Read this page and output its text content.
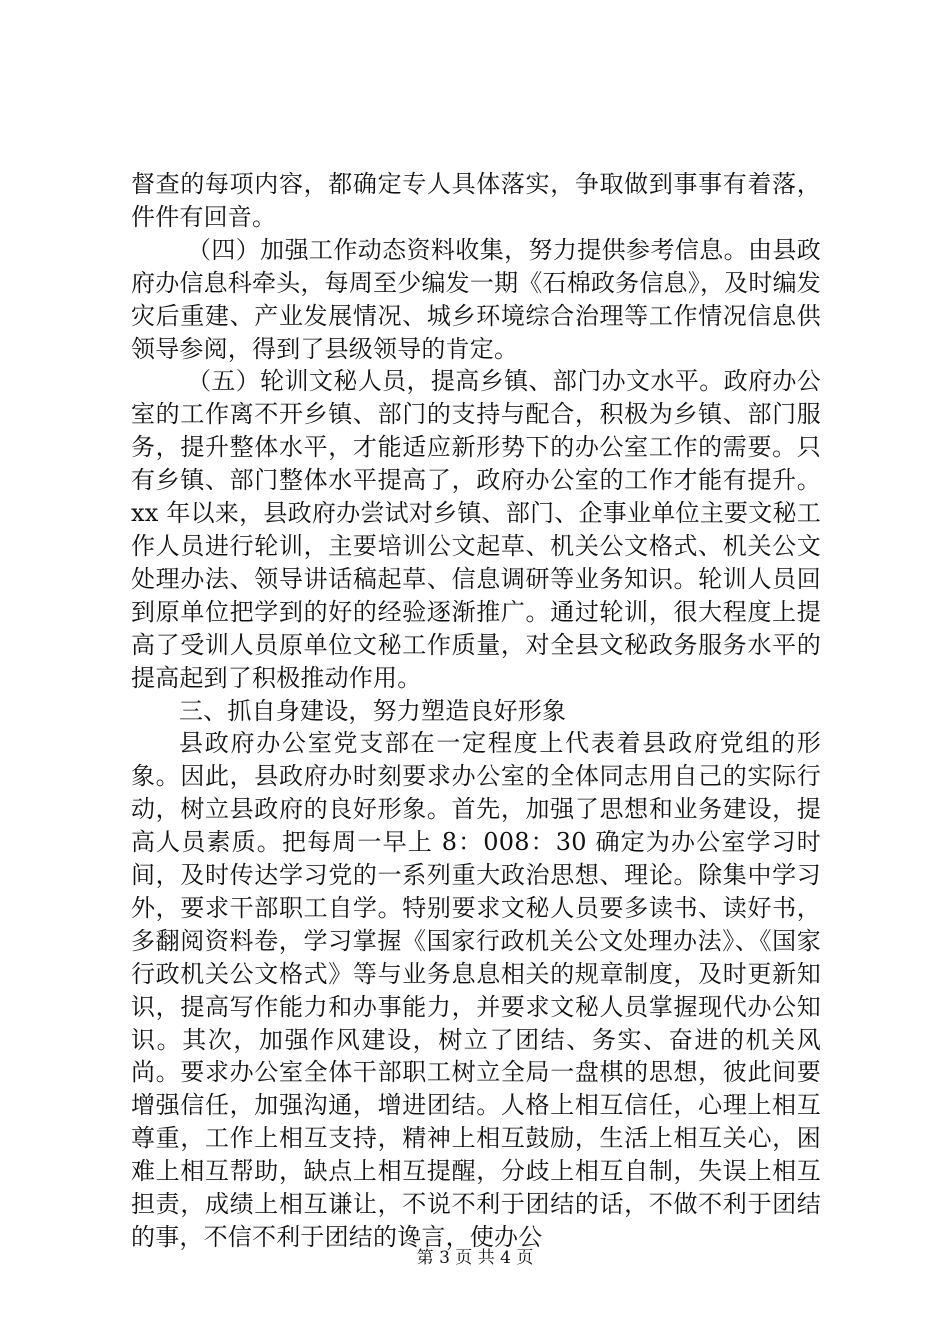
督查的每项内容，都确定专人具体落实，争取做到事事有着落，件件有回音。

（四）加强工作动态资料收集，努力提供参考信息。由县政府办信息科牵头，每周至少编发一期《石棉政务信息》，及时编发灾后重建、产业发展情况、城乡环境综合治理等工作情况信息供领导参阅，得到了县级领导的肯定。

（五）轮训文秘人员，提高乡镇、部门办文水平。政府办公室的工作离不开乡镇、部门的支持与配合，积极为乡镇、部门服务，提升整体水平，才能适应新形势下的办公室工作的需要。只有乡镇、部门整体水平提高了，政府办公室的工作才能有提升。xx 年以来，县政府办尝试对乡镇、部门、企事业单位主要文秘工作人员进行轮训，主要培训公文起草、机关公文格式、机关公文处理办法、领导讲话稿起草、信息调研等业务知识。轮训人员回到原单位把学到的好的经验逐渐推广。通过轮训，很大程度上提高了受训人员原单位文秘工作质量，对全县文秘政务服务水平的提高起到了积极推动作用。

三、抓自身建设，努力塑造良好形象

县政府办公室党支部在一定程度上代表着县政府党组的形象。因此，县政府办时刻要求办公室的全体同志用自己的实际行动，树立县政府的良好形象。首先，加强了思想和业务建设，提高人员素质。把每周一早上 8：008：30 确定为办公室学习时间，及时传达学习党的一系列重大政治思想、理论。除集中学习外，要求干部职工自学。特别要求文秘人员要多读书、读好书，多翻阅资料卷，学习掌握《国家行政机关公文处理办法》、《国家行政机关公文格式》等与业务息息相关的规章制度，及时更新知识，提高写作能力和办事能力，并要求文秘人员掌握现代办公知识。其次，加强作风建设，树立了团结、务实、奋进的机关风尚。要求办公室全体干部职工树立全局一盘棋的思想，彼此间要增强信任，加强沟通，增进团结。人格上相互信任，心理上相互尊重，工作上相互支持，精神上相互鼓励，生活上相互关心，困难上相互帮助，缺点上相互提醒，分歧上相互自制，失误上相互担责，成绩上相互谦让，不说不利于团结的话，不做不利于团结的事，不信不利于团结的谗言，使办公

第 3 页 共 4 页
